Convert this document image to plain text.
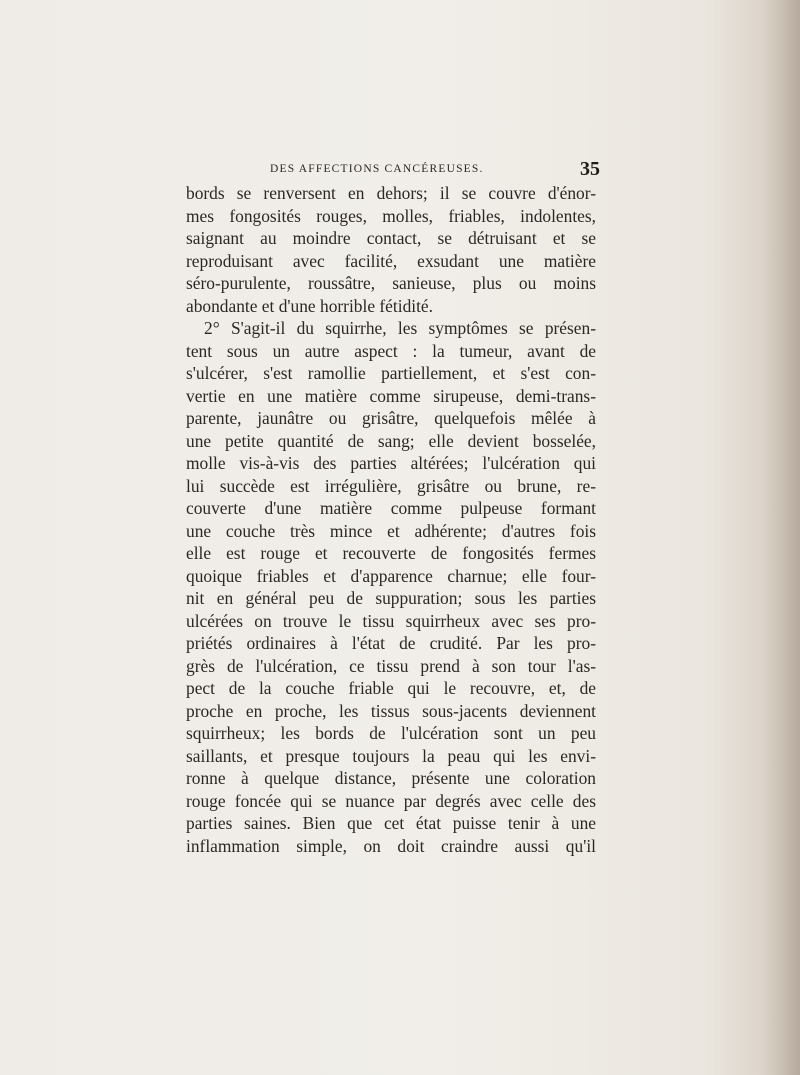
DES AFFECTIONS CANCÉREUSES.	35
bords se renversent en dehors; il se couvre d'énor-
mes fongosités rouges, molles, friables, indolentes,
saignant au moindre contact, se détruisant et se
reproduisant avec facilité, exsudant une matière
séro-purulente, roussâtre, sanieuse, plus ou moins
abondante et d'une horrible fétidité.
2° S'agit-il du squirrhe, les symptômes se présen-
tent sous un autre aspect : la tumeur, avant de
s'ulcérer, s'est ramollie partiellement, et s'est con-
vertie en une matière comme sirupeuse, demi-trans-
parente, jaunâtre ou grisâtre, quelquefois mêlée à
une petite quantité de sang; elle devient bosselée,
molle vis-à-vis des parties altérées; l'ulcération qui
lui succède est irrégulière, grisâtre ou brune, re-
couverte d'une matière comme pulpeuse formant
une couche très mince et adhérente; d'autres fois
elle est rouge et recouverte de fongosités fermes
quoique friables et d'apparence charnue; elle four-
nit en général peu de suppuration; sous les parties
ulcérées on trouve le tissu squirrheux avec ses pro-
priétés ordinaires à l'état de crudité. Par les pro-
grès de l'ulcération, ce tissu prend à son tour l'as-
pect de la couche friable qui le recouvre, et, de
proche en proche, les tissus sous-jacents deviennent
squirrheux; les bords de l'ulcération sont un peu
saillants, et presque toujours la peau qui les envi-
ronne à quelque distance, présente une coloration
rouge foncée qui se nuance par degrés avec celle des
parties saines. Bien que cet état puisse tenir à une
inflammation simple, on doit craindre aussi qu'il
